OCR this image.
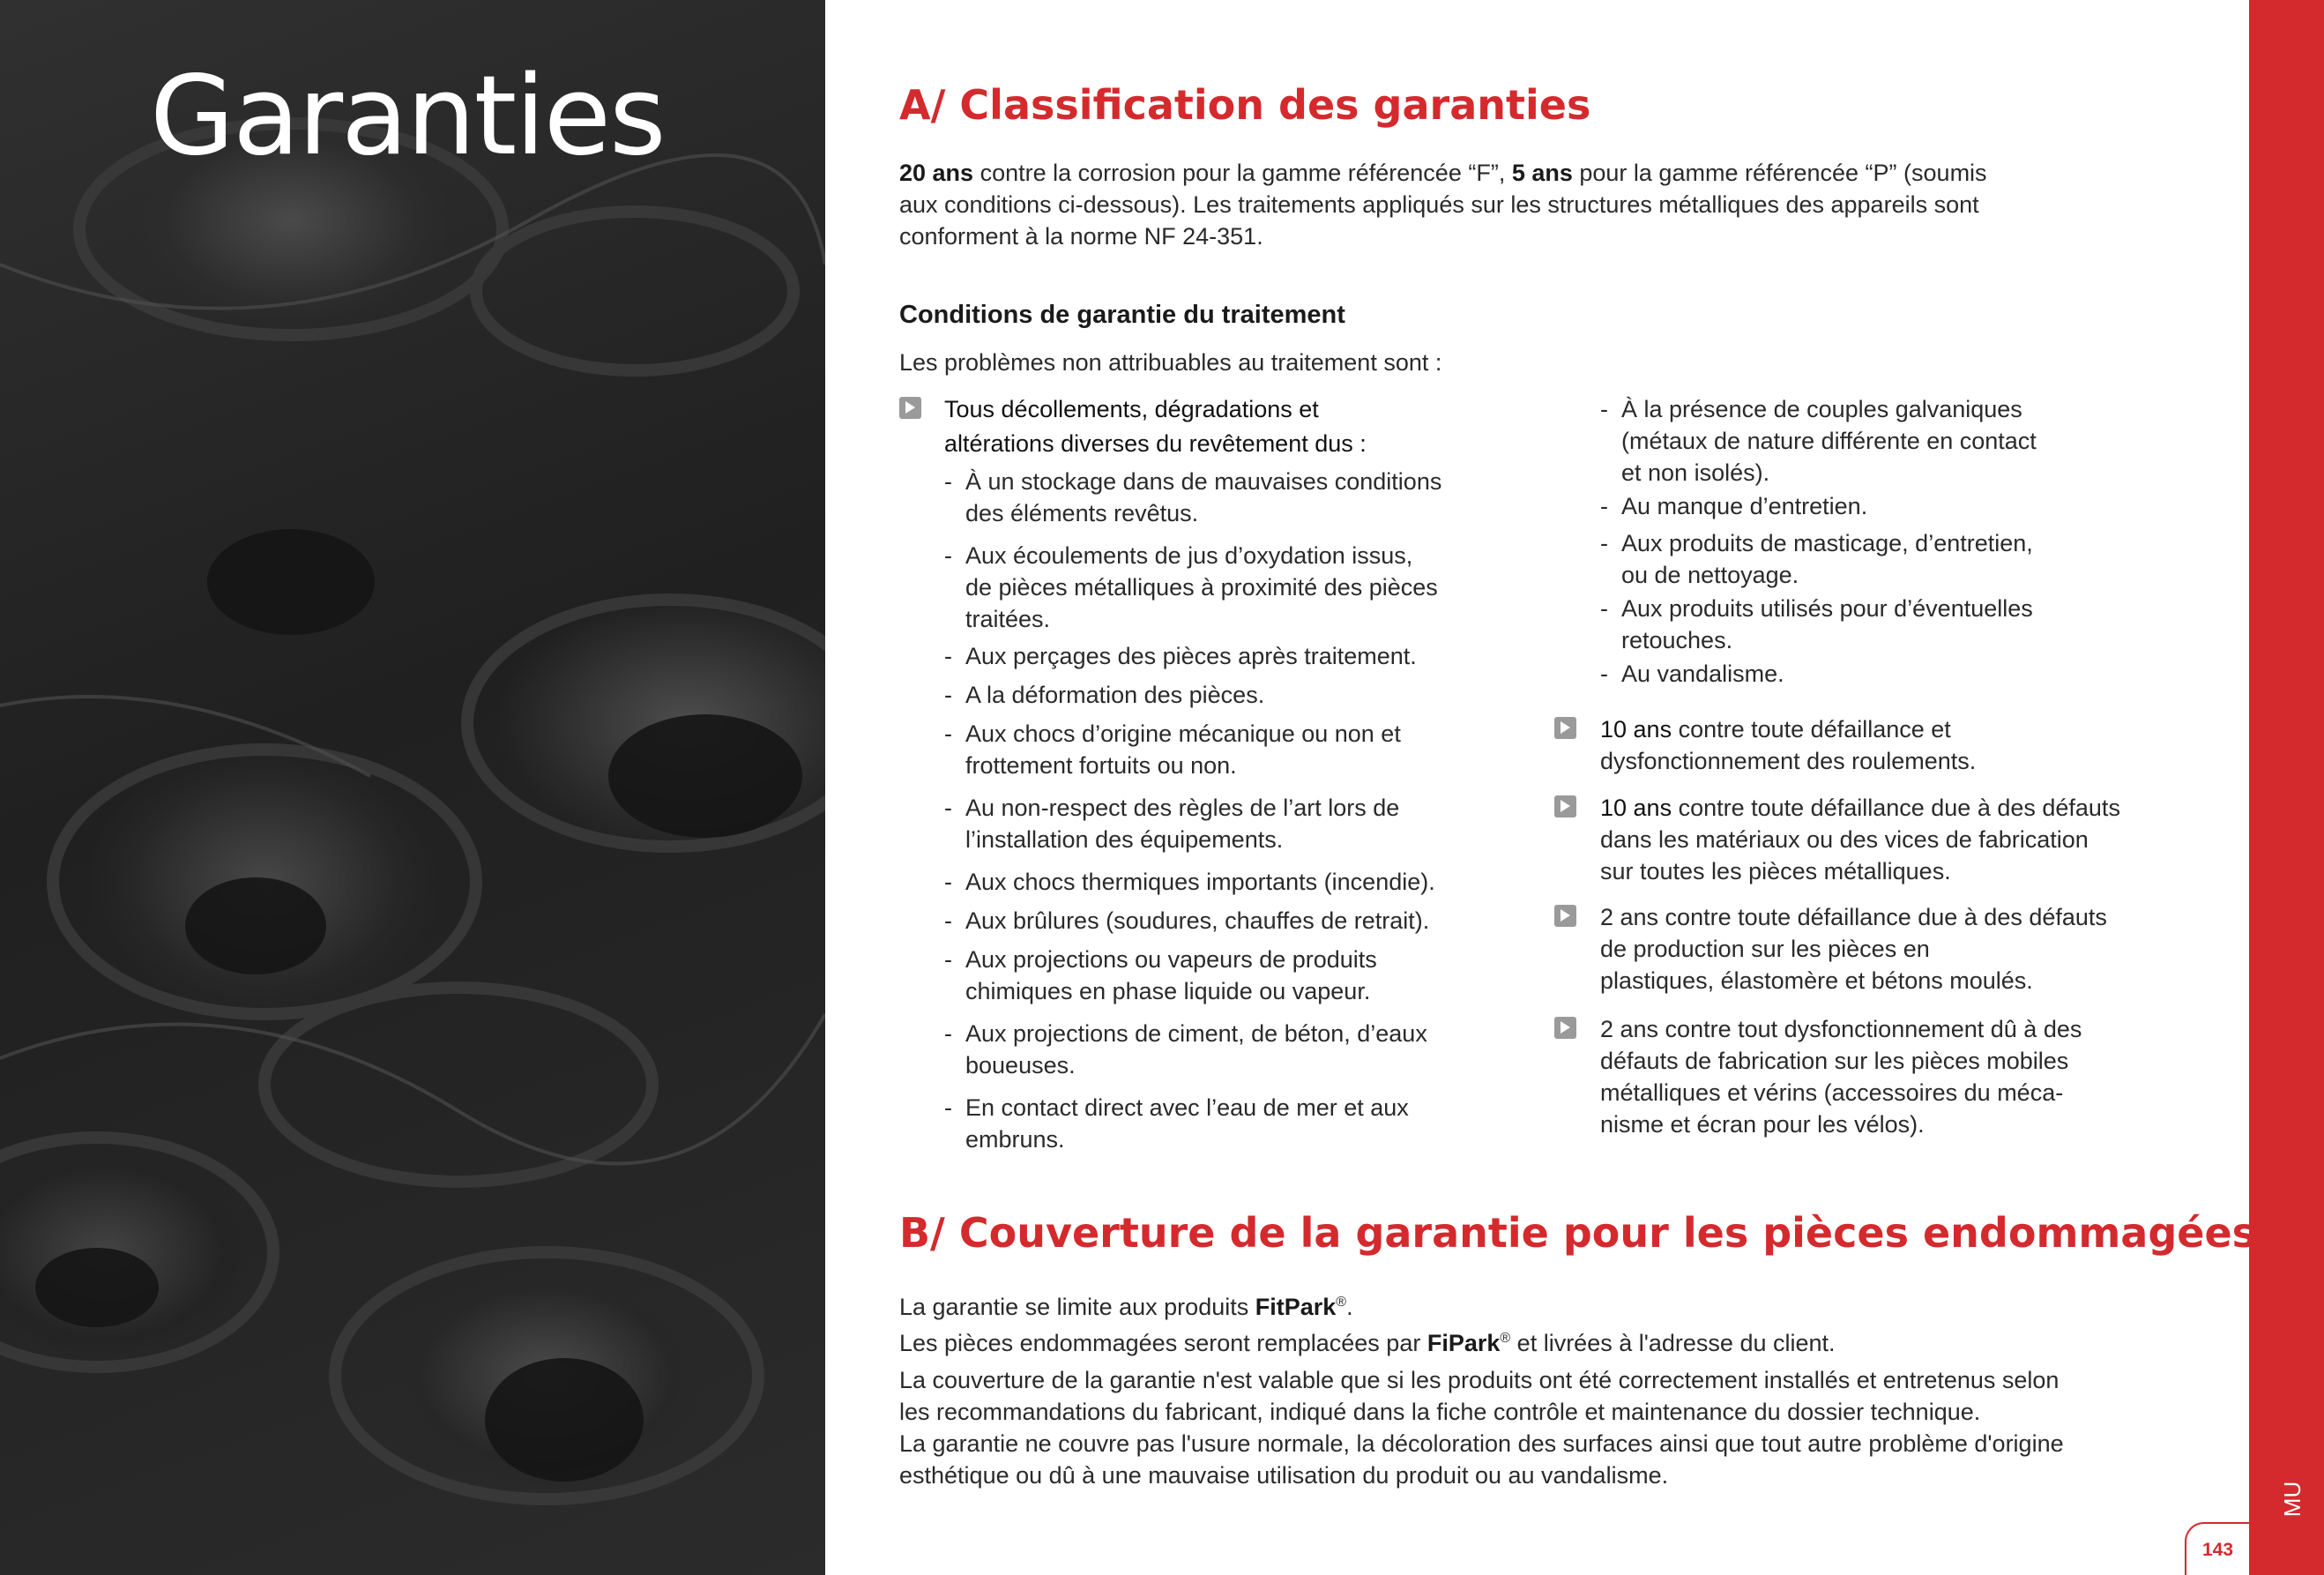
Garanties
MU
143
A/ Classification des garanties
20 ans contre la corrosion pour la gamme référencée “F”, 5 ans pour la gamme référencée “P” (soumis
aux conditions ci-dessous). Les traitements appliqués sur les structures métalliques des appareils sont
conforment à la norme NF 24-351.
Conditions de garantie du traitement
Les problèmes non attribuables au traitement sont :
Tous décollements, dégradations et
altérations diverses du revêtement dus :
- À un stockage dans de mauvaises conditions
des éléments revêtus.
- Aux écoulements de jus d’oxydation issus,
de pièces métalliques à proximité des pièces
traitées.
- Aux perçages des pièces après traitement.
- A la déformation des pièces.
- Aux chocs d’origine mécanique ou non et
frottement fortuits ou non.
- Au non-respect des règles de l’art lors de
l’installation des équipements.
- Aux chocs thermiques importants (incendie).
- Aux brûlures (soudures, chauffes de retrait).
- Aux projections ou vapeurs de produits
chimiques en phase liquide ou vapeur.
- Aux projections de ciment, de béton, d’eaux
boueuses.
- En contact direct avec l’eau de mer et aux
embruns.
- À la présence de couples galvaniques
(métaux de nature différente en contact
et non isolés).
- Au manque d’entretien.
- Aux produits de masticage, d’entretien,
ou de nettoyage.
- Aux produits utilisés pour d’éventuelles
retouches.
- Au vandalisme.
10 ans contre toute défaillance et
dysfonctionnement des roulements.
10 ans contre toute défaillance due à des défauts
dans les matériaux ou des vices de fabrication
sur toutes les pièces métalliques.
2 ans contre toute défaillance due à des défauts
de production sur les pièces en
plastiques, élastomère et bétons moulés.
2 ans contre tout dysfonctionnement dû à des
défauts de fabrication sur les pièces mobiles
métalliques et vérins (accessoires du méca-
nisme et écran pour les vélos).
B/ Couverture de la garantie pour les pièces endommagées
La garantie se limite aux produits FitPark®.
Les pièces endommagées seront remplacées par FiPark® et livrées à l'adresse du client.
La couverture de la garantie n'est valable que si les produits ont été correctement installés et entretenus selon
les recommandations du fabricant, indiqué dans la fiche contrôle et maintenance du dossier technique.
La garantie ne couvre pas l'usure normale, la décoloration des surfaces ainsi que tout autre problème d'origine
esthétique ou dû à une mauvaise utilisation du produit ou au vandalisme.
